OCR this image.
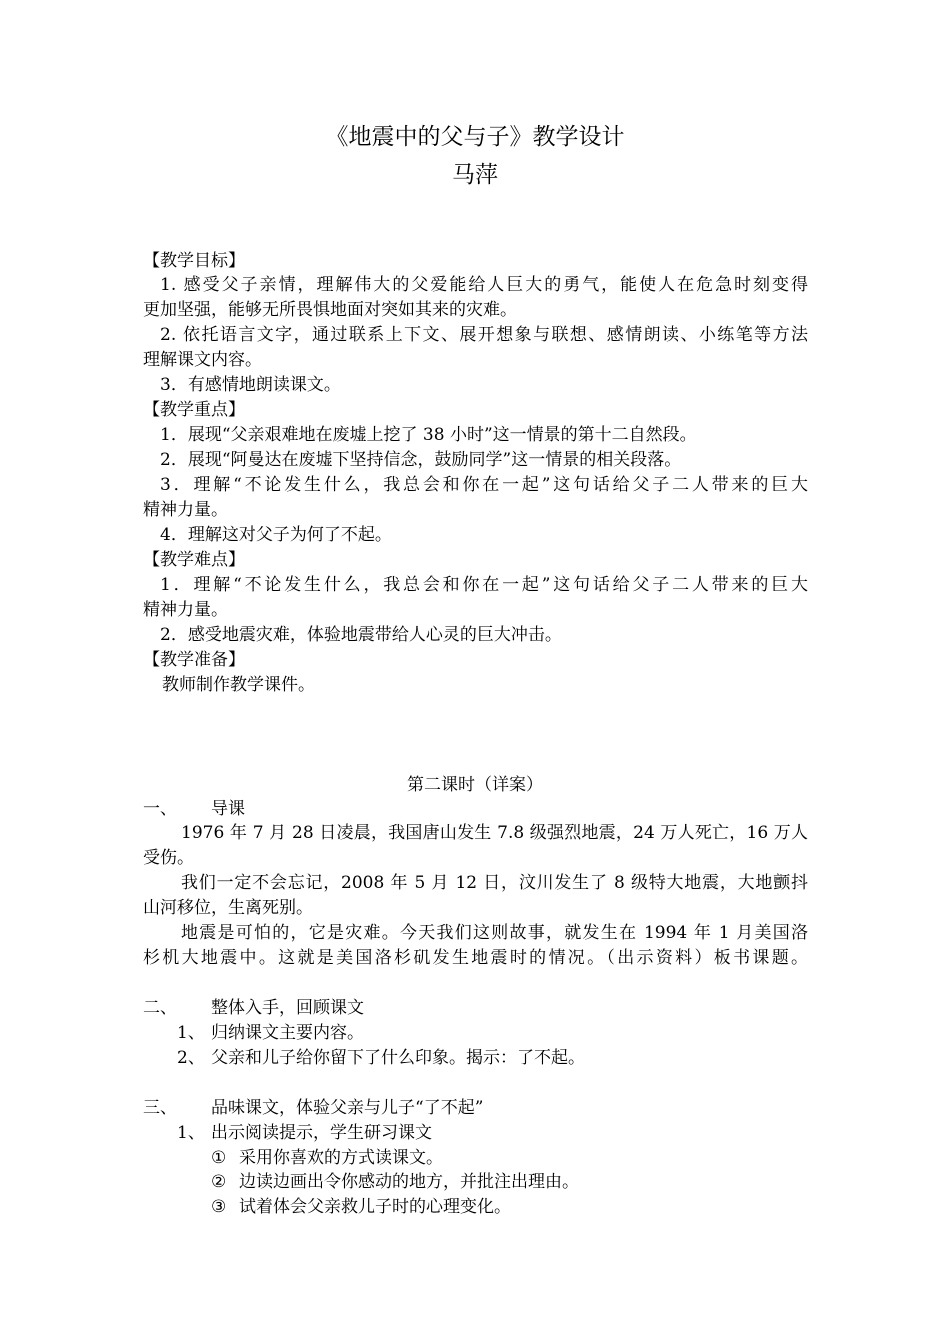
《地震中的父与子》教学设计
马萍
【教学目标】
1. 感受父子亲情，理解伟大的父爱能给人巨大的勇气，能使人在危急时刻变得
更加坚强，能够无所畏惧地面对突如其来的灾难。
2. 依托语言文字，通过联系上下文、展开想象与联想、感情朗读、小练笔等方法
理解课文内容。
3．有感情地朗读课文。
【教学重点】
1．展现“父亲艰难地在废墟上挖了 38 小时”这一情景的第十二自然段。
2．展现“阿曼达在废墟下坚持信念，鼓励同学”这一情景的相关段落。
3．理解“不论发生什么，我总会和你在一起”这句话给父子二人带来的巨大
精神力量。
4．理解这对父子为何了不起。
【教学难点】
1．理解“不论发生什么，我总会和你在一起”这句话给父子二人带来的巨大
精神力量。
2．感受地震灾难，体验地震带给人心灵的巨大冲击。
【教学准备】
教师制作教学课件。
第二课时（详案）
一、 导课
1976 年 7 月 28 日凌晨，我国唐山发生 7.8 级强烈地震，24 万人死亡，16 万人
受伤。
我们一定不会忘记，2008 年 5 月 12 日，汶川发生了 8 级特大地震，大地颤抖
山河移位，生离死别。
地震是可怕的，它是灾难。今天我们这则故事，就发生在 1994 年 1 月美国洛
杉机大地震中。这就是美国洛杉矶发生地震时的情况。（出示资料）板书课题。
二、 整体入手，回顾课文
1、 归纳课文主要内容。
2、 父亲和儿子给你留下了什么印象。揭示：了不起。
三、 品味课文，体验父亲与儿子“了不起”
1、 出示阅读提示，学生研习课文
① 采用你喜欢的方式读课文。
② 边读边画出令你感动的地方，并批注出理由。
③ 试着体会父亲救儿子时的心理变化。
